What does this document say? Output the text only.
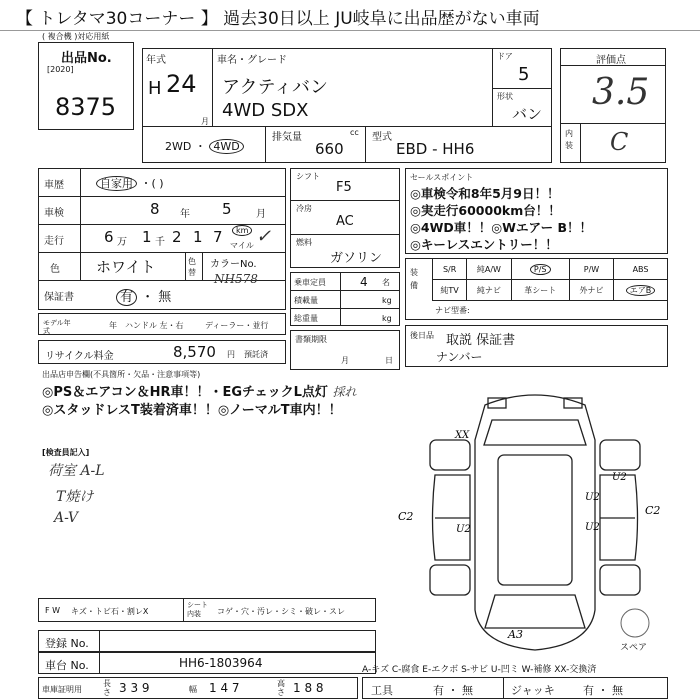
【 トレタマ30コーナー 】 過去30日以上 JU岐阜に出品歴がない車両
( 複合機 )対応用紙
出品No.
[2020]
8375
年式
H 24
月
車名・グレード
アクティバン
4WD SDX
ドア
5
形状
バン
2WD ・ 4WD
排気量
660
cc 型式
EBD - HH6
評価点
3.5
内装 C
車歴	自家用 ・( )
車検	8 年 5 月
走行	6 万 1 千 2 1 7	km
マイル ✓
色 ホワイト	色替
カラーNo.
NH578
保証書	有 ・ 無
モデル年式
年 ハンドル 左・右	ディーラー・並行
リサイクル料金	8,570 円 預託済
シフト
F5
冷房
AC
燃料
ガソリン
乗車定員	4 名
積載量	kg
総重量	kg
書類期限
月	日
セールスポイント
◎車検令和8年5月9日！！
◎実走行60000km台！！
◎4WD車！！◎Wエアー B！！
◎キーレスエントリー！！
装備
S/R	純A/W	P/S	P/W	ABS
純TV	純ナビ	革シート	外ナビ	エアB
ナビ型番:
後日品 取説 保証書
ナンバー
出品店申告欄(不具箇所・欠品・注意事項等)
◎PS＆エアコン＆HR車！！・EGチェックL点灯 採れ
◎スタッドレスT装着済車！！◎ノーマルT車内！！
[検査員記入]
荷室 A-L
T焼け
A-V
XX
C2	C2
U2
U2
U2
U2
A3
スペア
F W キズ・トビ石・割レX
シート内装	コゲ・穴・汚レ・シミ・破レ・スレ
登録 No.
車台 No.	HH6-1803964
車庫証明用
長さ 3 3 9	幅 1 4 7	高さ 1 8 8
A-キズ C-腐食 E-エクボ S-サビ U-凹ミ W-補修 XX-交換済
工具	有 ・ 無	ジャッキ	有 ・ 無
